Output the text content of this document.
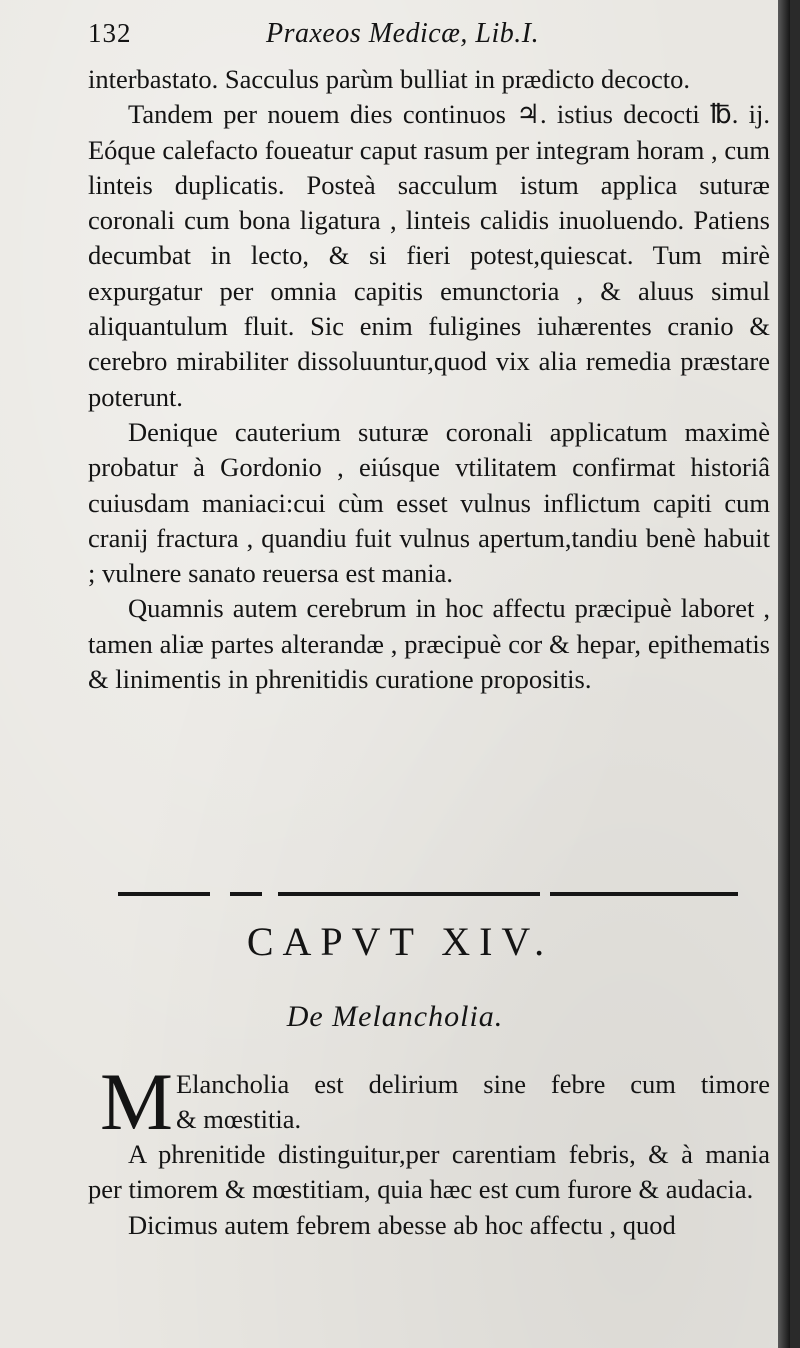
132	Praxeos Medicæ, Lib.I.

interbastato. Sacculus parùm bulliat in prædicto decocto.

Tandem per nouem dies continuos ♃. istius decocti ℔. ij. Eóque calefacto foueatur caput rasum per integram horam , cum linteis duplicatis. Posteà sacculum istum applica suturæ coronali cum bona ligatura , linteis calidis inuoluendo. Patiens decumbat in lecto, & si fieri potest,quiescat. Tum mirè expurgatur per omnia capitis emunctoria , & aluus simul aliquantulum fluit. Sic enim fuligines iuhærentes cranio & cerebro mirabiliter dissoluuntur,quod vix alia remedia præstare poterunt.

Denique cauterium suturæ coronali applicatum maximè probatur à Gordonio , eiúsque vtilitatem confirmat historiâ cuiusdam maniaci:cui cùm esset vulnus inflictum capiti cum cranij fractura , quandiu fuit vulnus apertum,tandiu benè habuit ; vulnere sanato reuersa est mania.

Quamnis autem cerebrum in hoc affectu præcipuè laboret , tamen aliæ partes alterandæ , præcipuè cor & hepar, epithematis & linimentis in phrenitidis curatione propositis.

CAPVT XIV.
De Melancholia.
M Elancholia est delirium sine febre cum timore
& mœstitia.

A phrenitide distinguitur,per carentiam febris, & à mania per timorem & mœstitiam, quia hæc est cum furore & audacia.

Dicimus autem febrem abesse ab hoc affectu , quod
